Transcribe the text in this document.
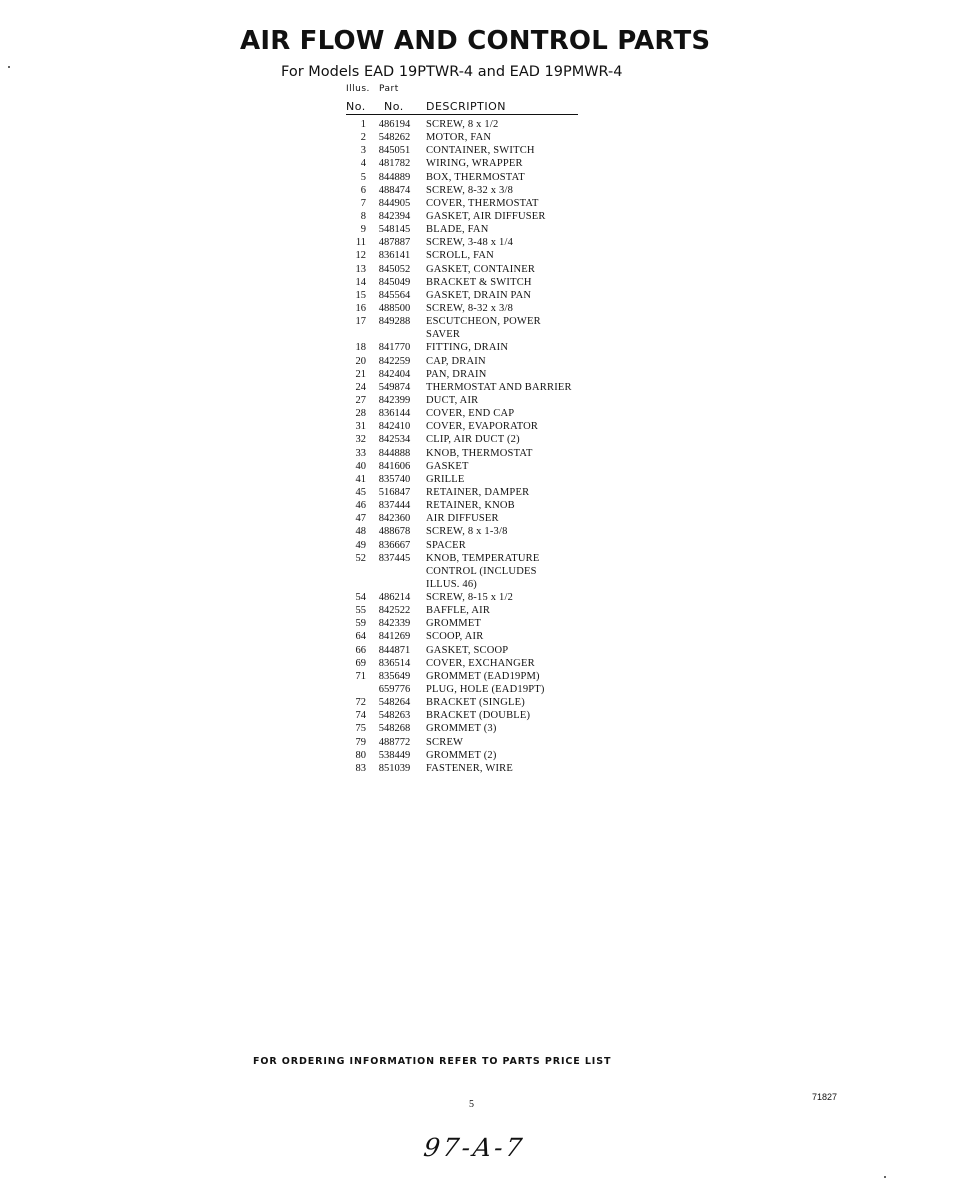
AIR FLOW AND CONTROL PARTS
For Models EAD 19PTWR-4 and EAD 19PMWR-4
Illus. Part
No. No. DESCRIPTION
1 486194 SCREW, 8 x 1/2
2 548262 MOTOR, FAN
3 845051 CONTAINER, SWITCH
4 481782 WIRING, WRAPPER
5 844889 BOX, THERMOSTAT
6 488474 SCREW, 8-32 x 3/8
7 844905 COVER, THERMOSTAT
8 842394 GASKET, AIR DIFFUSER
9 548145 BLADE, FAN
11 487887 SCREW, 3-48 x 1/4
12 836141 SCROLL, FAN
13 845052 GASKET, CONTAINER
14 845049 BRACKET & SWITCH
15 845564 GASKET, DRAIN PAN
16 488500 SCREW, 8-32 x 3/8
17 849288 ESCUTCHEON, POWER
SAVER
18 841770 FITTING, DRAIN
20 842259 CAP, DRAIN
21 842404 PAN, DRAIN
24 549874 THERMOSTAT AND BARRIER
27 842399 DUCT, AIR
28 836144 COVER, END CAP
31 842410 COVER, EVAPORATOR
32 842534 CLIP, AIR DUCT (2)
33 844888 KNOB, THERMOSTAT
40 841606 GASKET
41 835740 GRILLE
45 516847 RETAINER, DAMPER
46 837444 RETAINER, KNOB
47 842360 AIR DIFFUSER
48 488678 SCREW, 8 x 1-3/8
49 836667 SPACER
52 837445 KNOB, TEMPERATURE
CONTROL (INCLUDES
ILLUS. 46)
54 486214 SCREW, 8-15 x 1/2
55 842522 BAFFLE, AIR
59 842339 GROMMET
64 841269 SCOOP, AIR
66 844871 GASKET, SCOOP
69 836514 COVER, EXCHANGER
71 835649 GROMMET (EAD19PM)
659776 PLUG, HOLE (EAD19PT)
72 548264 BRACKET (SINGLE)
74 548263 BRACKET (DOUBLE)
75 548268 GROMMET (3)
79 488772 SCREW
80 538449 GROMMET (2)
83 851039 FASTENER, WIRE
FOR ORDERING INFORMATION REFER TO PARTS PRICE LIST
5
71827
97-A-7
